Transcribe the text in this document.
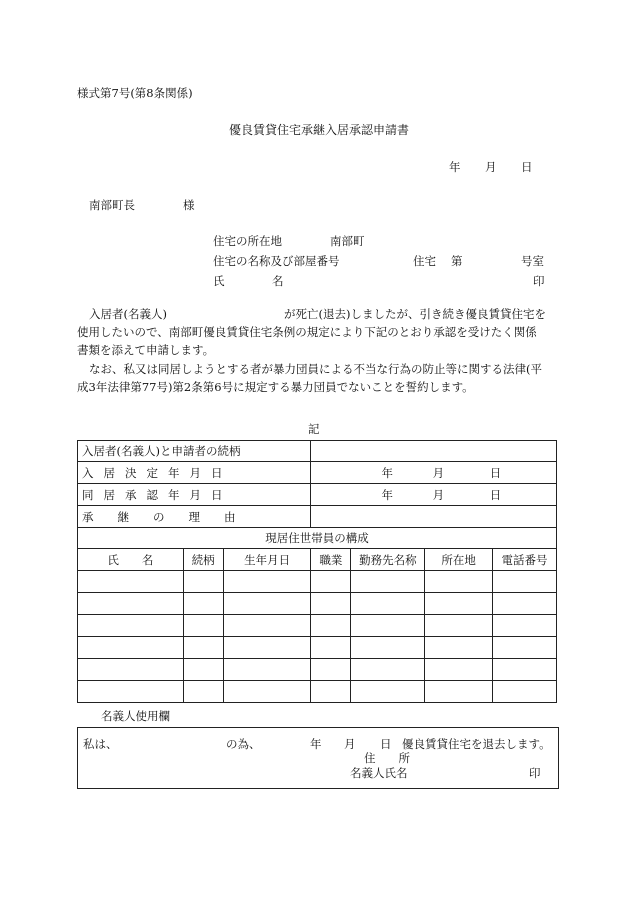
様式第7号(第8条関係)
優良賃貸住宅承継入居承認申請書
年 月 日
南部町長	様
住宅の所在地	南部町
住宅の名称及び部屋番号	住宅 第	号室
氏	名	印
入居者(名義人)	が死亡(退去)しましたが、引き続き優良賃貸住宅を
使用したいので、南部町優良賃貸住宅条例の規定により下記のとおり承認を受けたく関係
書類を添えて申請します。
なお、私又は同居しようとする者が暴力団員による不当な行為の防止等に関する法律(平
成3年法律第77号)第2条第6号に規定する暴力団員でないことを誓約します。
記
入居者(名義人)と申請者の続柄						
入居決定年月日			年 月 日			
同居承認年月日			年 月 日			
承継の理由						
現居住世帯員の構成						
氏　　名	続柄	生年月日	職業	勤務先名称	所在地	電話番号

名義人使用欄
私は、	の為、	年 月 日 優良賃貸住宅を退去します。
住　　所
名義人氏名	印
